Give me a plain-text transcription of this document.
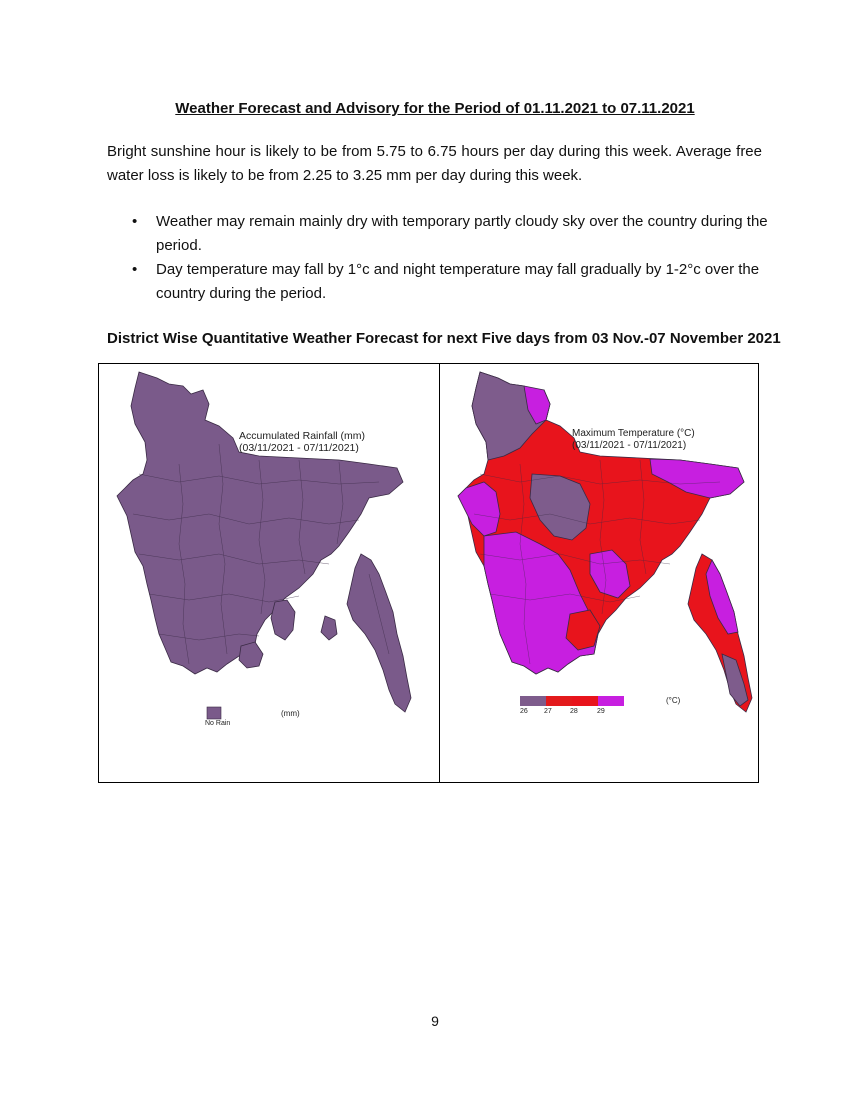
Weather Forecast and Advisory for the Period of 01.11.2021 to 07.11.2021

Bright sunshine hour is likely to be from 5.75 to 6.75 hours per day during this week. Average free water loss is likely to be from 2.25 to 3.25 mm per day during this week.

• Weather may remain mainly dry with temporary partly cloudy sky over the country during the period.
• Day temperature may fall by 1°c and night temperature may fall gradually by 1-2°c over the country during the period.

District Wise Quantitative Weather Forecast for next Five days from 03 Nov.-07 November 2021

Accumulated Rainfall (mm)
(03/11/2021 - 07/11/2021)
(mm)
No Rain
Maximum Temperature (°C)
(03/11/2021 - 07/11/2021)
26 27	28	29
(°C)
9
